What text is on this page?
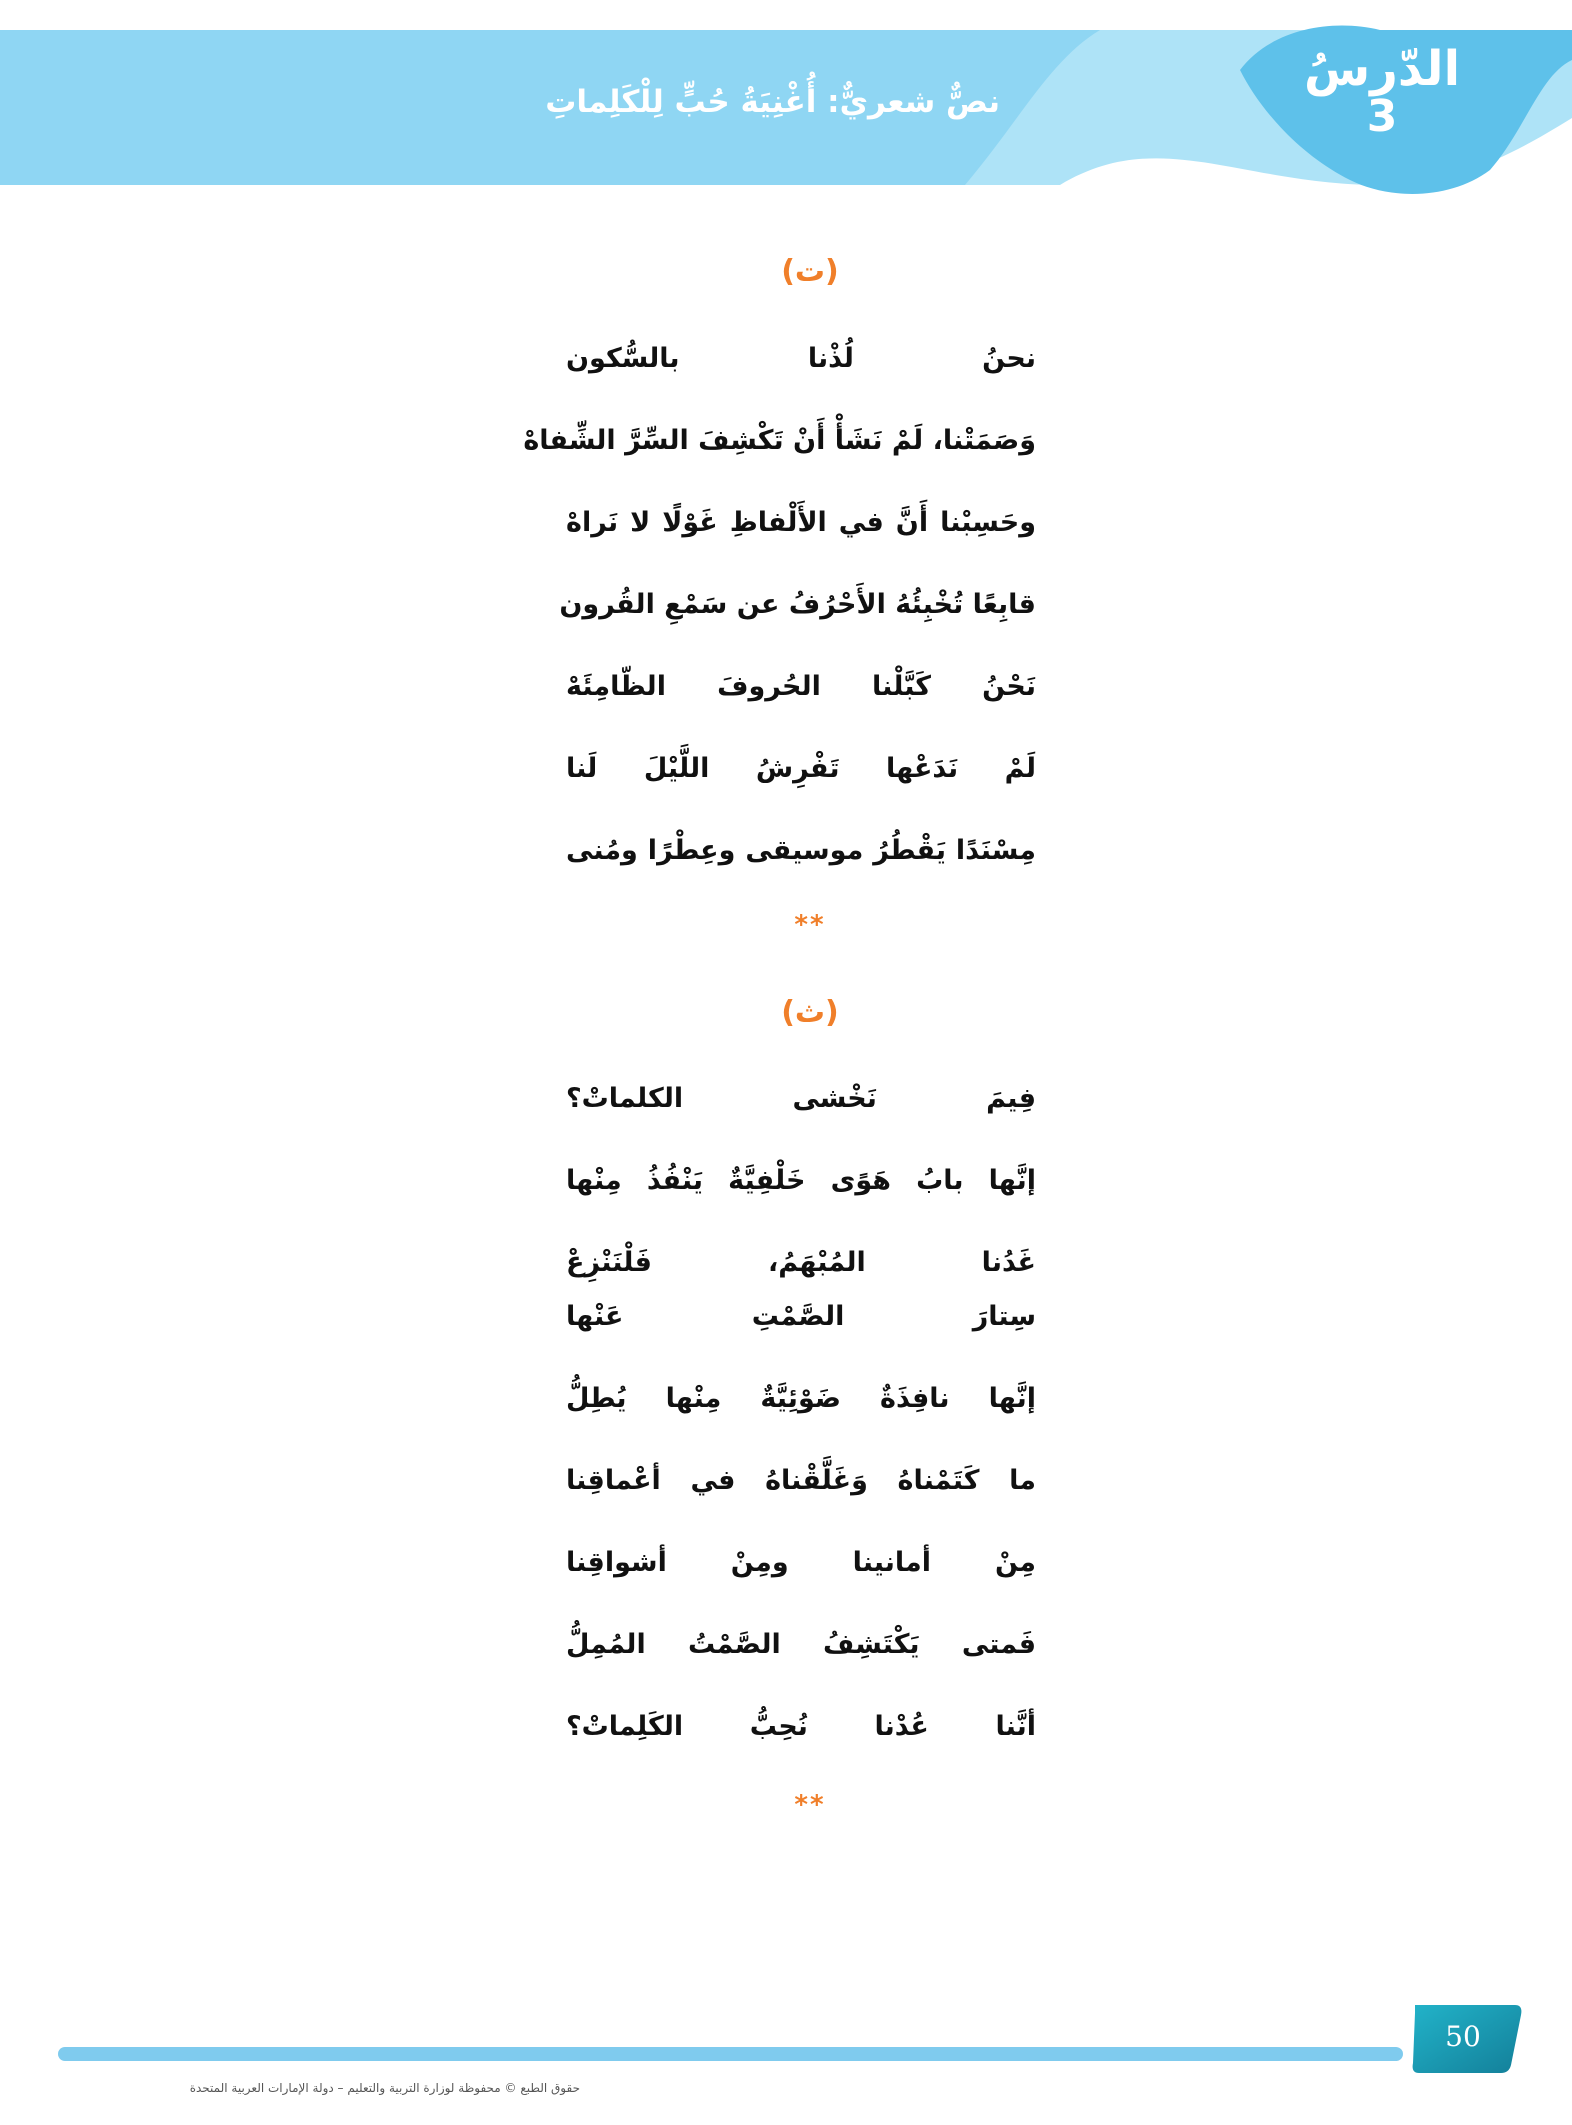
نصٌّ شعريٌّ: أُغْنِيَةُ حُبٍّ لِلْكَلِماتِ
الدّرسُ
3
(ت)
نحنُ لُذْنا بالسُّكون
وَصَمَتْنا، لَمْ نَشَأْ أَنْ تَكْشِفَ السِّرَّ الشِّفاهْ
وحَسِبْنا أَنَّ في الأَلْفاظِ غَوْلًا لا نَراهْ
قابِعًا تُخْبِئُهُ الأَحْرُفُ عن سَمْعِ القُرون
نَحْنُ كَبَّلْنا الحُروفَ الظّامِئَهْ
لَمْ نَدَعْها تَفْرِشُ اللَّيْلَ لَنا
مِسْنَدًا يَقْطُرُ موسيقى وعِطْرًا ومُنى
**
(ث)
فِيمَ نَخْشى الكلماتْ؟
إنَّها بابُ هَوًى خَلْفِيَّةٌ يَنْفُذُ مِنْها
غَدُنا المُبْهَمُ، فَلْنَنْزِعْ
سِتارَ الصَّمْتِ عَنْها
إنَّها نافِذَةٌ ضَوْئِيَّةٌ مِنْها يُطِلُّ
ما كَتَمْناهُ وَغَلَّقْناهُ في أعْماقِنا
مِنْ أمانينا ومِنْ أشواقِنا
فَمتى يَكْتَشِفُ الصَّمْتُ المُمِلُّ
أنَّنا عُدْنا نُحِبُّ الكَلِماتْ؟
**
50
حقوق الطبع © محفوظة لوزارة التربية والتعليم – دولة الإمارات العربية المتحدة
